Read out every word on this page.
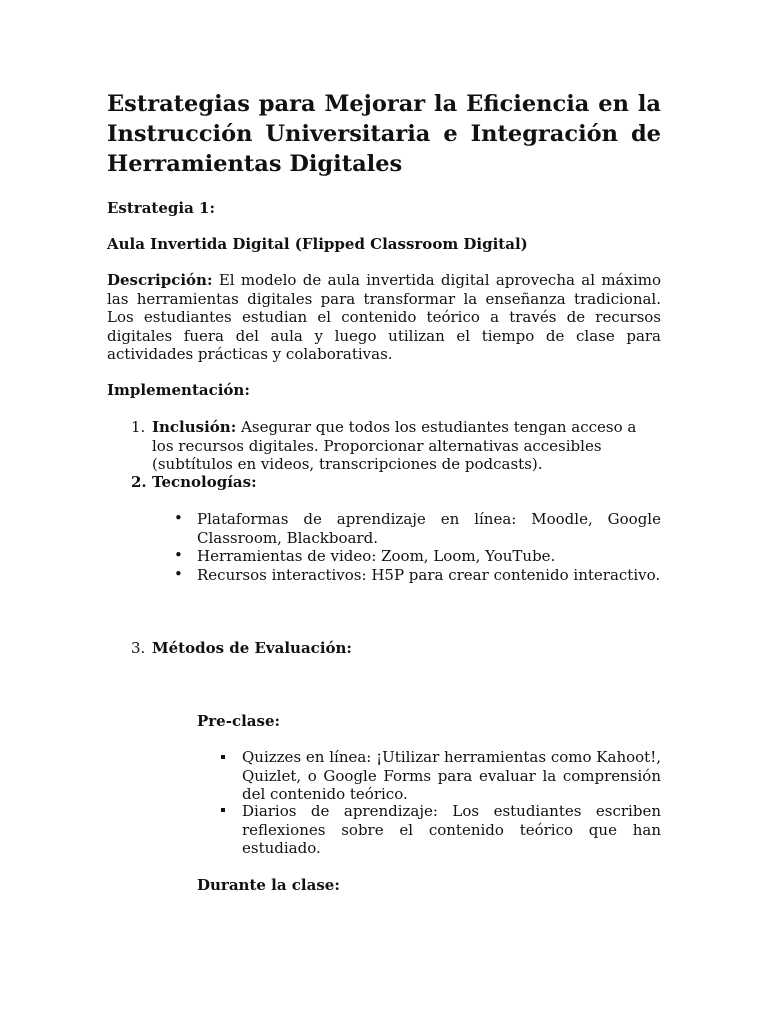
Estrategias para Mejorar la Eficiencia en la Instrucción Universitaria e Integración de Herramientas Digitales
Estrategia 1:
Aula Invertida Digital (Flipped Classroom Digital)

Descripción: El modelo de aula invertida digital aprovecha al máximo las herramientas digitales para transformar la enseñanza tradicional. Los estudiantes estudian el contenido teórico a través de recursos digitales fuera del aula y luego utilizan el tiempo de clase para actividades prácticas y colaborativas.

Implementación:
1. Inclusión: Asegurar que todos los estudiantes tengan acceso a los recursos digitales. Proporcionar alternativas accesibles (subtítulos en videos, transcripciones de podcasts).

2. Tecnologías:
• Plataformas de aprendizaje en línea: Moodle, Google Classroom, Blackboard.

• Herramientas de video: Zoom, Loom, YouTube.

• Recursos interactivos: H5P para crear contenido interactivo.

3. Métodos de Evaluación:
Pre-clase:

Quizzes en línea: ¡Utilizar herramientas como Kahoot!, Quizlet, o Google Forms para evaluar la comprensión del contenido teórico.

Diarios de aprendizaje: Los estudiantes escriben reflexiones sobre el contenido teórico que han estudiado.

Durante la clase:
